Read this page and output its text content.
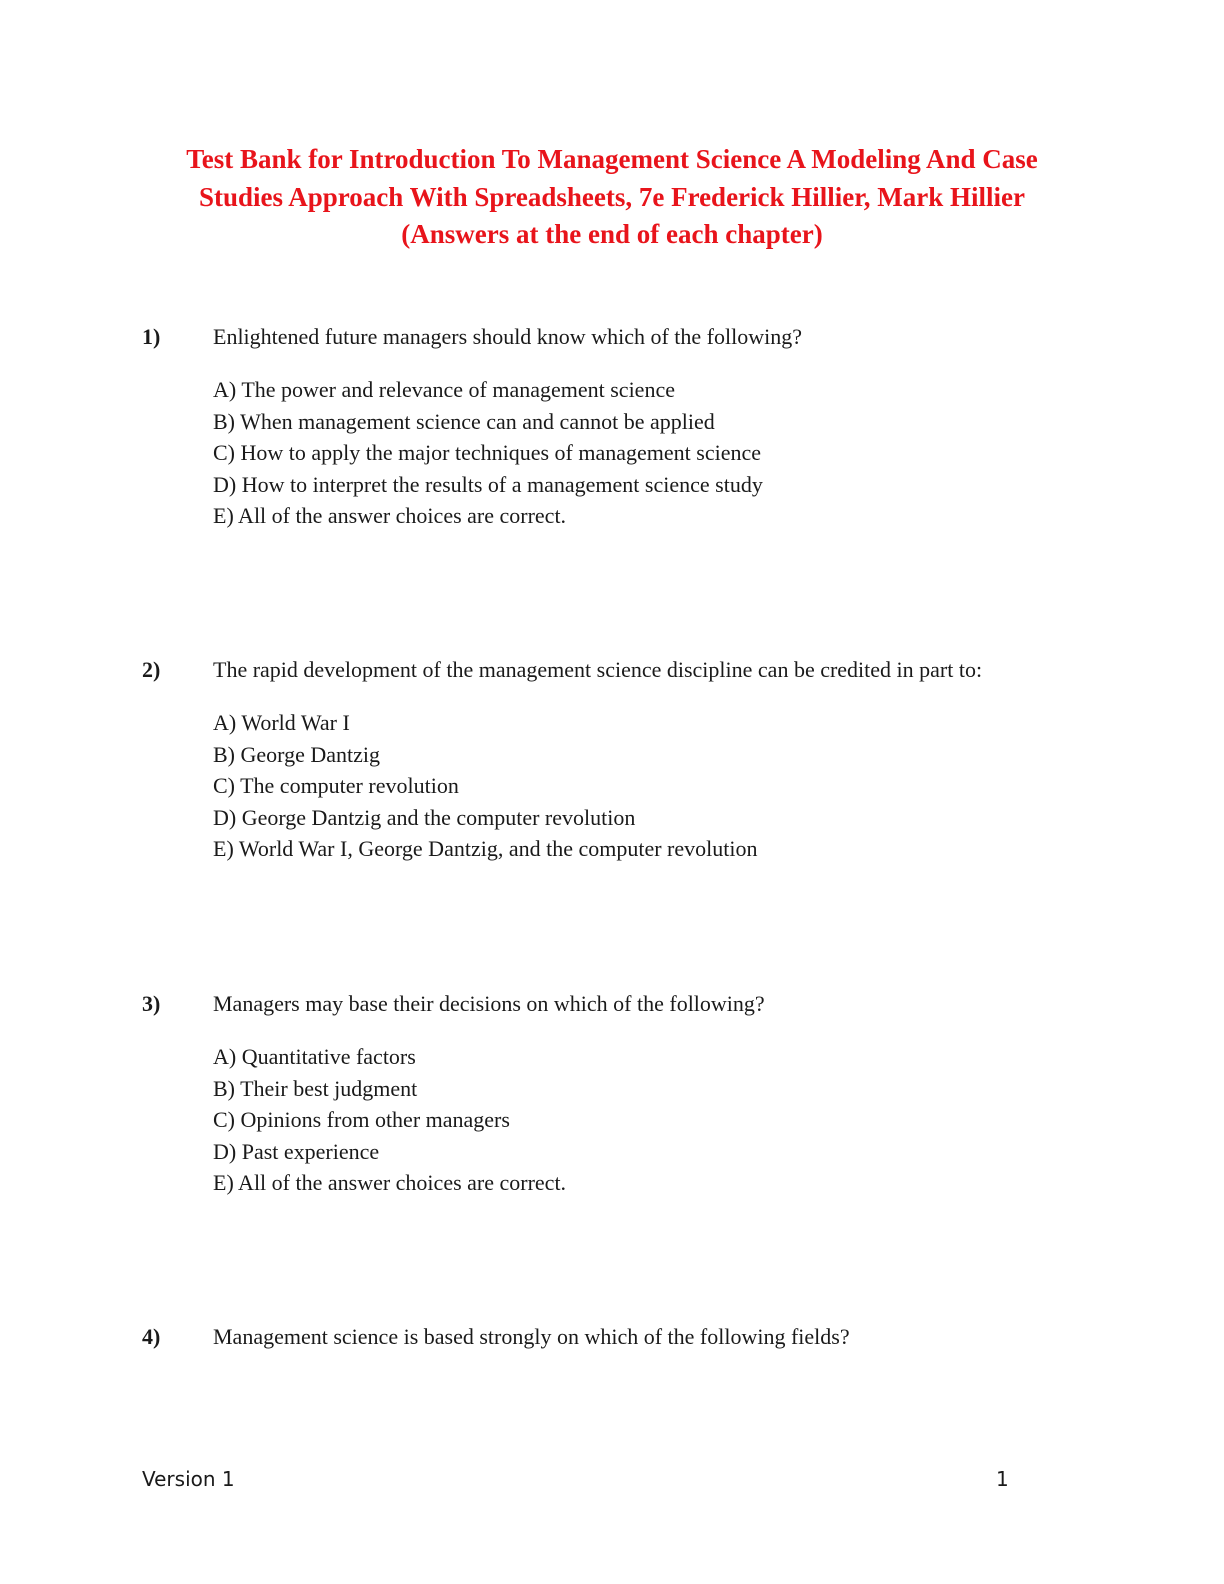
Test Bank for Introduction To Management Science A Modeling And Case
Studies Approach With Spreadsheets, 7e Frederick Hillier, Mark Hillier
(Answers at the end of each chapter)
1) Enlightened future managers should know which of the following?
A) The power and relevance of management science
B) When management science can and cannot be applied
C) How to apply the major techniques of management science
D) How to interpret the results of a management science study
E) All of the answer choices are correct.
2) The rapid development of the management science discipline can be credited in part to:
A) World War I
B) George Dantzig
C) The computer revolution
D) George Dantzig and the computer revolution
E) World War I, George Dantzig, and the computer revolution
3) Managers may base their decisions on which of the following?
A) Quantitative factors
B) Their best judgment
C) Opinions from other managers
D) Past experience
E) All of the answer choices are correct.
4) Management science is based strongly on which of the following fields?
Version 1	1
